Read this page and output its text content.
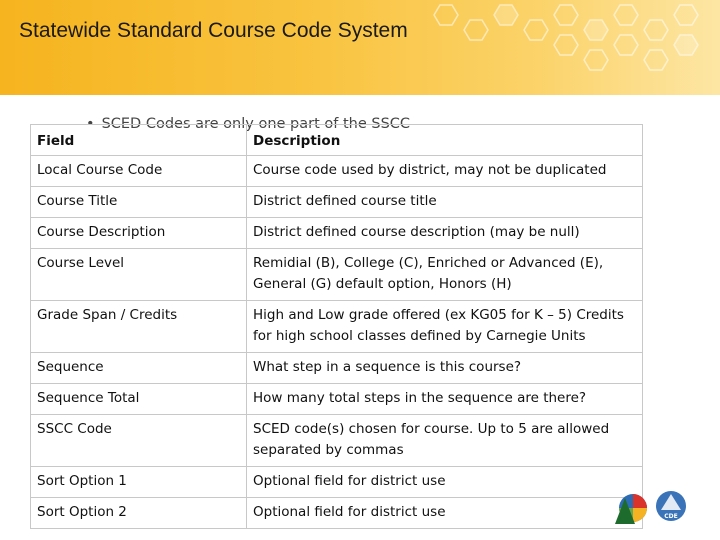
Statewide Standard Course Code System
• SCED Codes are only one part of the SSCC
Field	Description
Local Course Code	Course code used by district, may not be duplicated
Course Title	District defined course title
Course Description	District defined course description (may be null)
Course Level	Remidial (B), College (C), Enriched or Advanced (E), General (G) default option, Honors (H)
Grade Span / Credits	High and Low grade offered (ex KG05 for K – 5) Credits for high school classes defined by Carnegie Units
Sequence	What step in a sequence is this course?
Sequence Total	How many total steps in the sequence are there?
SSCC Code	SCED code(s) chosen for course. Up to 5 are allowed separated by commas
Sort Option 1	Optional field for district use
Sort Option 2	Optional field for district use	CDE
